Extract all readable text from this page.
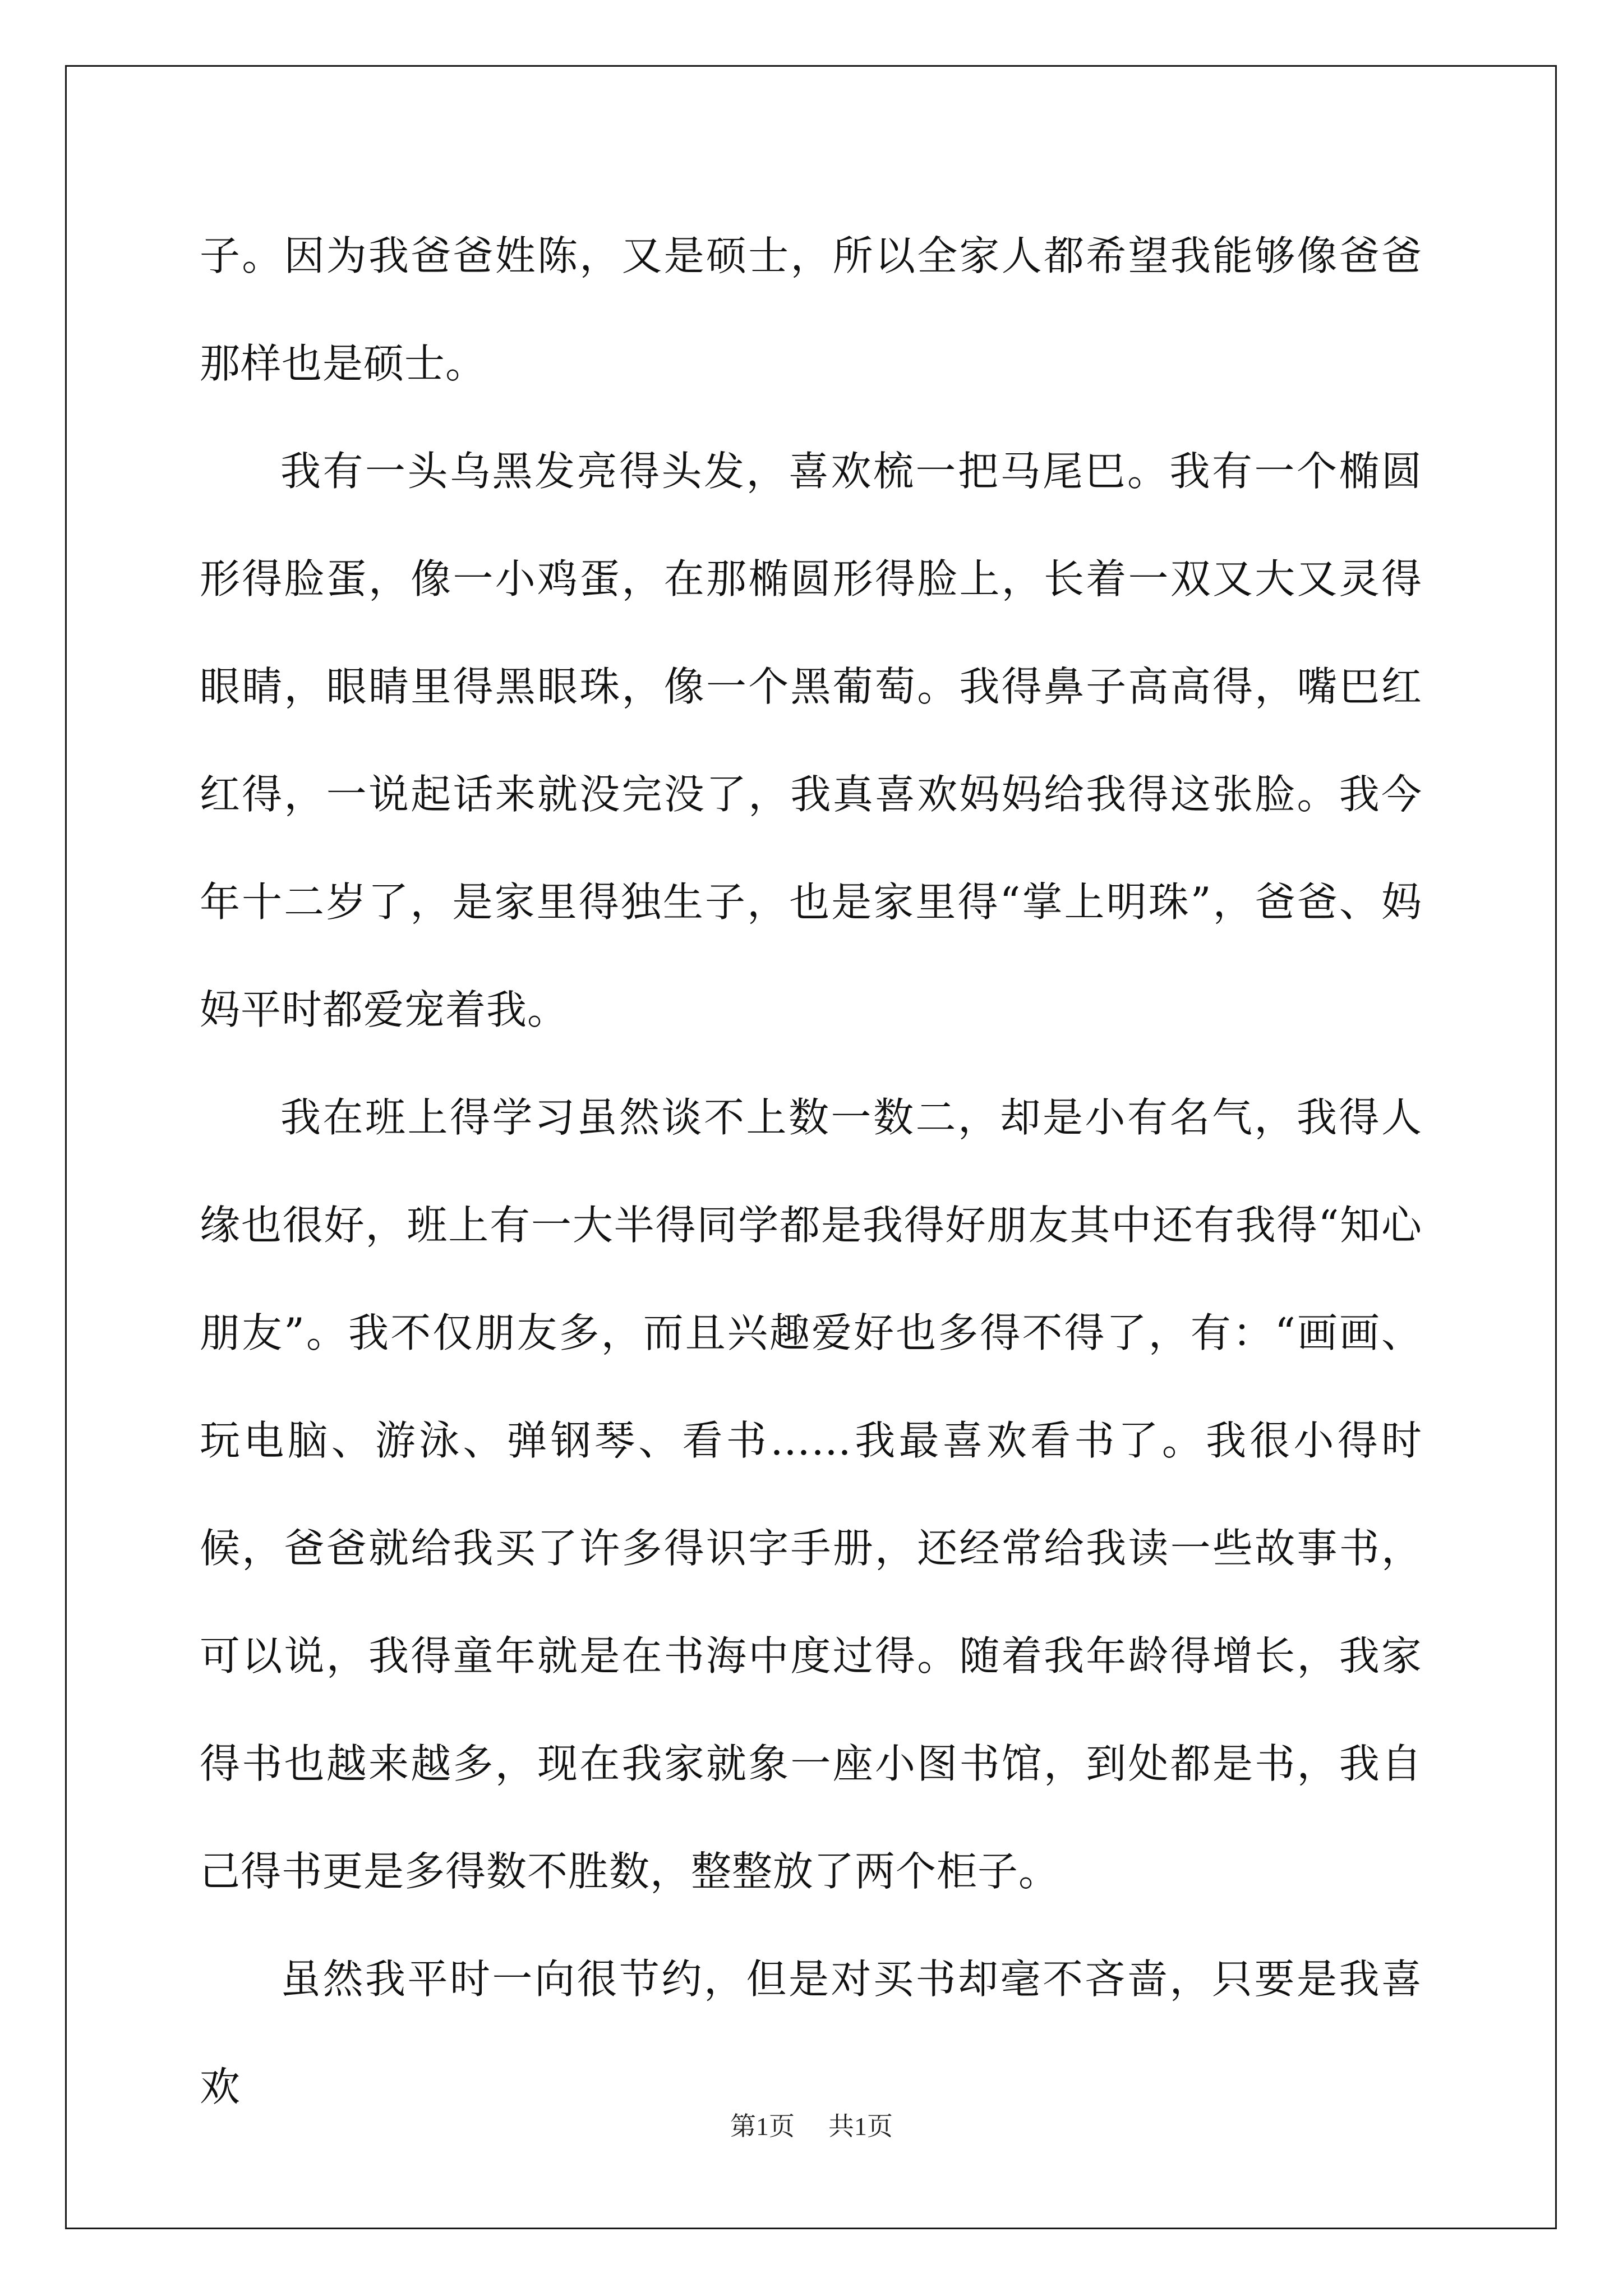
子。因为我爸爸姓陈，又是硕士，所以全家人都希望我能够像爸爸那样也是硕士。

我有一头乌黑发亮得头发，喜欢梳一把马尾巴。我有一个椭圆形得脸蛋，像一小鸡蛋，在那椭圆形得脸上，长着一双又大又灵得眼睛，眼睛里得黑眼珠，像一个黑葡萄。我得鼻子高高得，嘴巴红红得，一说起话来就没完没了，我真喜欢妈妈给我得这张脸。我今年十二岁了，是家里得独生子，也是家里得“掌上明珠”，爸爸、妈妈平时都爱宠着我。

我在班上得学习虽然谈不上数一数二，却是小有名气，我得人缘也很好，班上有一大半得同学都是我得好朋友其中还有我得“知心朋友”。我不仅朋友多，而且兴趣爱好也多得不得了，有：“画画、玩电脑、游泳、弹钢琴、看书……我最喜欢看书了。我很小得时候，爸爸就给我买了许多得识字手册，还经常给我读一些故事书，可以说，我得童年就是在书海中度过得。随着我年龄得增长，我家得书也越来越多，现在我家就象一座小图书馆，到处都是书，我自己得书更是多得数不胜数，整整放了两个柜子。

虽然我平时一向很节约，但是对买书却毫不吝啬，只要是我喜欢

第1页 共1页
